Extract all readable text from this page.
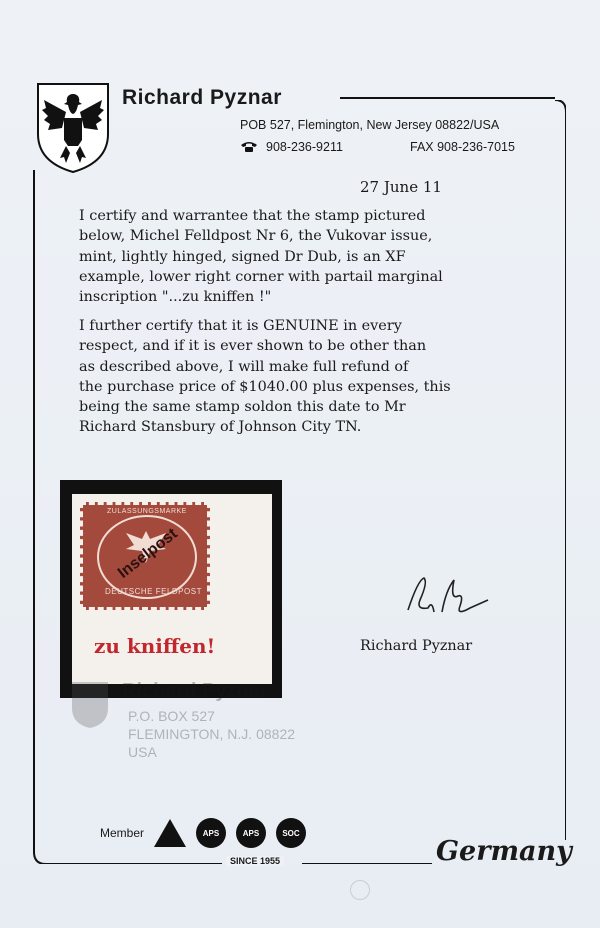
Richard Pyznar
POB 527, Flemington, New Jersey 08822/USA
908-236-9211	FAX 908-236-7015
27 June 11

I certify and warrantee that the stamp pictured
below, Michel Felldpost Nr 6, the Vukovar issue,
mint, lightly hinged, signed Dr Dub, is an XF
example, lower right corner with partail marginal
inscription "...zu kniffen !"

I further certify that it is GENUINE in every
respect, and if it is ever shown to be other than
as described above, I will make full refund of
the purchase price of $1040.00 plus expenses, this
being the same stamp soldon this date to Mr
Richard Stansbury of Johnson City TN.

ZULASSUNGSMARKE
Inselpost
DEUTSCHE FELDPOST
zu kniffen!	Richard Pyznar
Richard Pyznar
P.O. BOX 527
FLEMINGTON, N.J. 08822
USA
Member	APS	APS	SOC
SINCE 1955	Germany
